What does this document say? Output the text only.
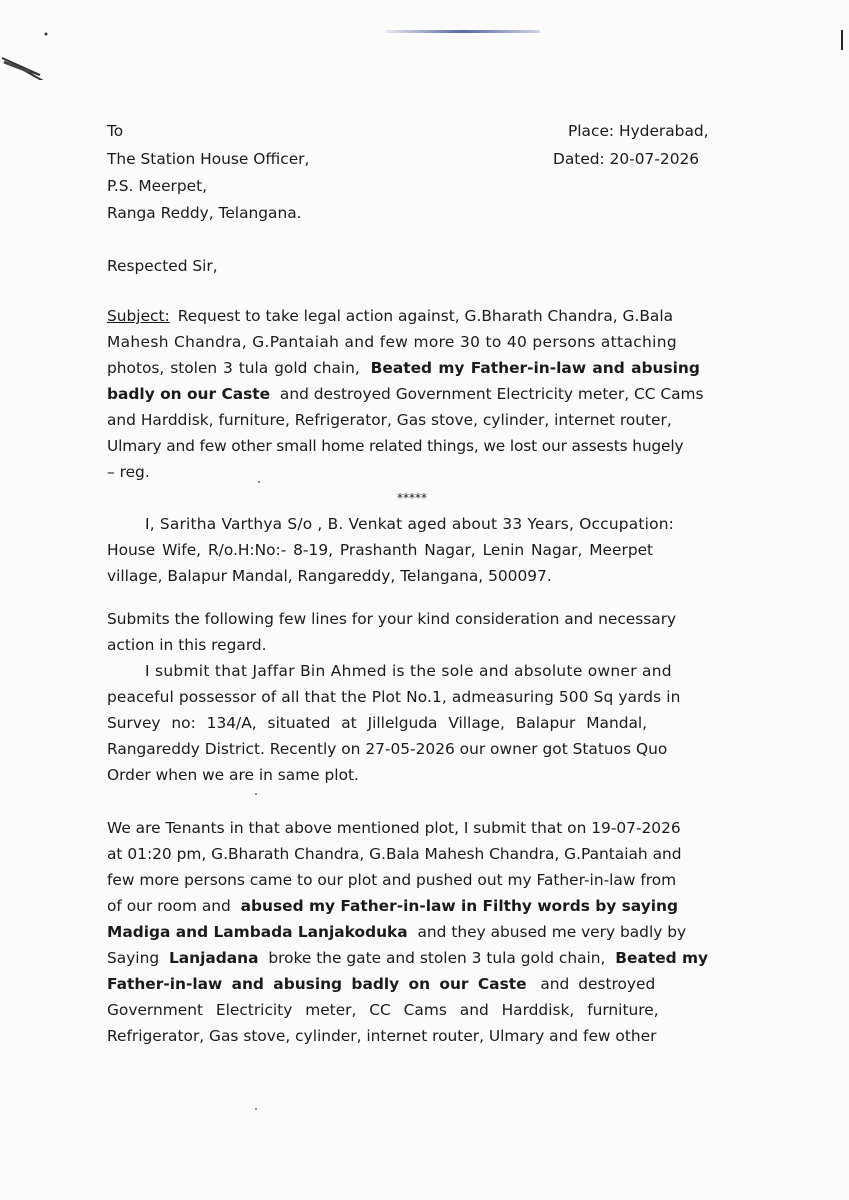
To
The Station House Officer,
P.S. Meerpet,
Ranga Reddy, Telangana.
Place: Hyderabad,
Dated: 20-07-2026
Respected Sir,
Subject: Request to take legal action against, G.Bharath Chandra, G.Bala
Mahesh Chandra, G.Pantaiah and few more 30 to 40 persons attaching
photos, stolen 3 tula gold chain, Beated my Father-in-law and abusing
badly on our Caste and destroyed Government Electricity meter, CC Cams
and Harddisk, furniture, Refrigerator, Gas stove, cylinder, internet router,
Ulmary and few other small home related things, we lost our assests hugely
– reg.
*****
I, Saritha Varthya S/o , B. Venkat aged about 33 Years, Occupation:
House Wife, R/o.H:No:- 8-19, Prashanth Nagar, Lenin Nagar, Meerpet
village, Balapur Mandal, Rangareddy, Telangana, 500097.
Submits the following few lines for your kind consideration and necessary
action in this regard.
I submit that Jaffar Bin Ahmed is the sole and absolute owner and
peaceful possessor of all that the Plot No.1, admeasuring 500 Sq yards in
Survey no: 134/A, situated at Jillelguda Village, Balapur Mandal,
Rangareddy District. Recently on 27-05-2026 our owner got Statuos Quo
Order when we are in same plot.
We are Tenants in that above mentioned plot, I submit that on 19-07-2026
at 01:20 pm, G.Bharath Chandra, G.Bala Mahesh Chandra, G.Pantaiah and
few more persons came to our plot and pushed out my Father-in-law from
of our room and abused my Father-in-law in Filthy words by saying
Madiga and Lambada Lanjakoduka and they abused me very badly by
Saying Lanjadana broke the gate and stolen 3 tula gold chain, Beated my
Father-in-law and abusing badly on our Caste and destroyed
Government Electricity meter, CC Cams and Harddisk, furniture,
Refrigerator, Gas stove, cylinder, internet router, Ulmary and few other
